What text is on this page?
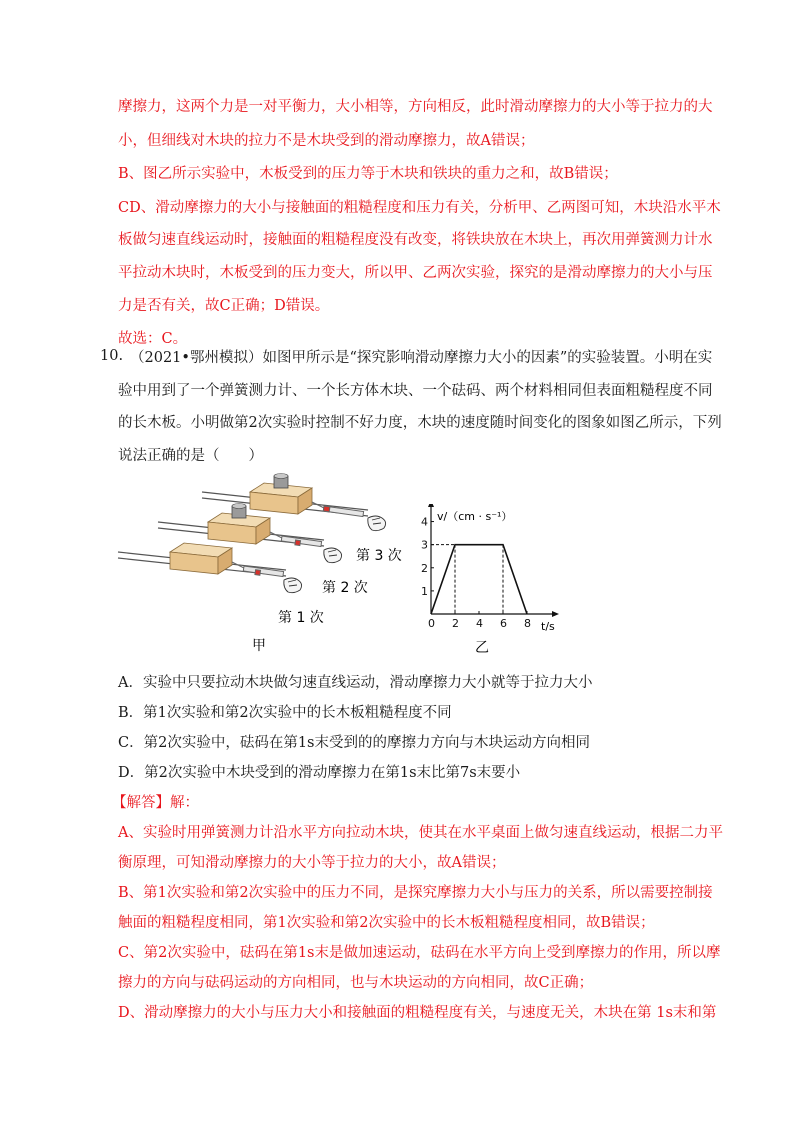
摩擦力，这两个力是一对平衡力，大小相等，方向相反，此时滑动摩擦力的大小等于拉力的大
小，但细线对木块的拉力不是木块受到的滑动摩擦力，故A错误；
B、图乙所示实验中，木板受到的压力等于木块和铁块的重力之和，故B错误；
CD、滑动摩擦力的大小与接触面的粗糙程度和压力有关，分析甲、乙两图可知，木块沿水平木
板做匀速直线运动时，接触面的粗糙程度没有改变，将铁块放在木块上，再次用弹簧测力计水
平拉动木块时，木板受到的压力变大，所以甲、乙两次实验，探究的是滑动摩擦力的大小与压
力是否有关，故C正确；D错误。
故选：C。
10. （2021•鄂州模拟）如图甲所示是“探究影响滑动摩擦力大小的因素”的实验装置。小明在实
验中用到了一个弹簧测力计、一个长方体木块、一个砝码、两个材料相同但表面粗糙程度不同
的长木板。小明做第2次实验时控制不好力度，木块的速度随时间变化的图象如图乙所示，下列
说法正确的是（　　）
第 3 次
第 2 次
第 1 次
甲
0 2 4 6 8
1
2
3
4 v/（cm · s⁻¹）
t/s
乙
A．实验中只要拉动木块做匀速直线运动，滑动摩擦力大小就等于拉力大小
B．第1次实验和第2次实验中的长木板粗糙程度不同
C．第2次实验中，砝码在第1s末受到的的摩擦力方向与木块运动方向相同
D．第2次实验中木块受到的滑动摩擦力在第1s末比第7s末要小
【解答】解：
A、实验时用弹簧测力计沿水平方向拉动木块，使其在水平桌面上做匀速直线运动，根据二力平
衡原理，可知滑动摩擦力的大小等于拉力的大小，故A错误；
B、第1次实验和第2次实验中的压力不同，是探究摩擦力大小与压力的关系，所以需要控制接
触面的粗糙程度相同，第1次实验和第2次实验中的长木板粗糙程度相同，故B错误；
C、第2次实验中，砝码在第1s末是做加速运动，砝码在水平方向上受到摩擦力的作用，所以摩
擦力的方向与砝码运动的方向相同，也与木块运动的方向相同，故C正确；
D、滑动摩擦力的大小与压力大小和接触面的粗糙程度有关，与速度无关，木块在第 1s末和第
